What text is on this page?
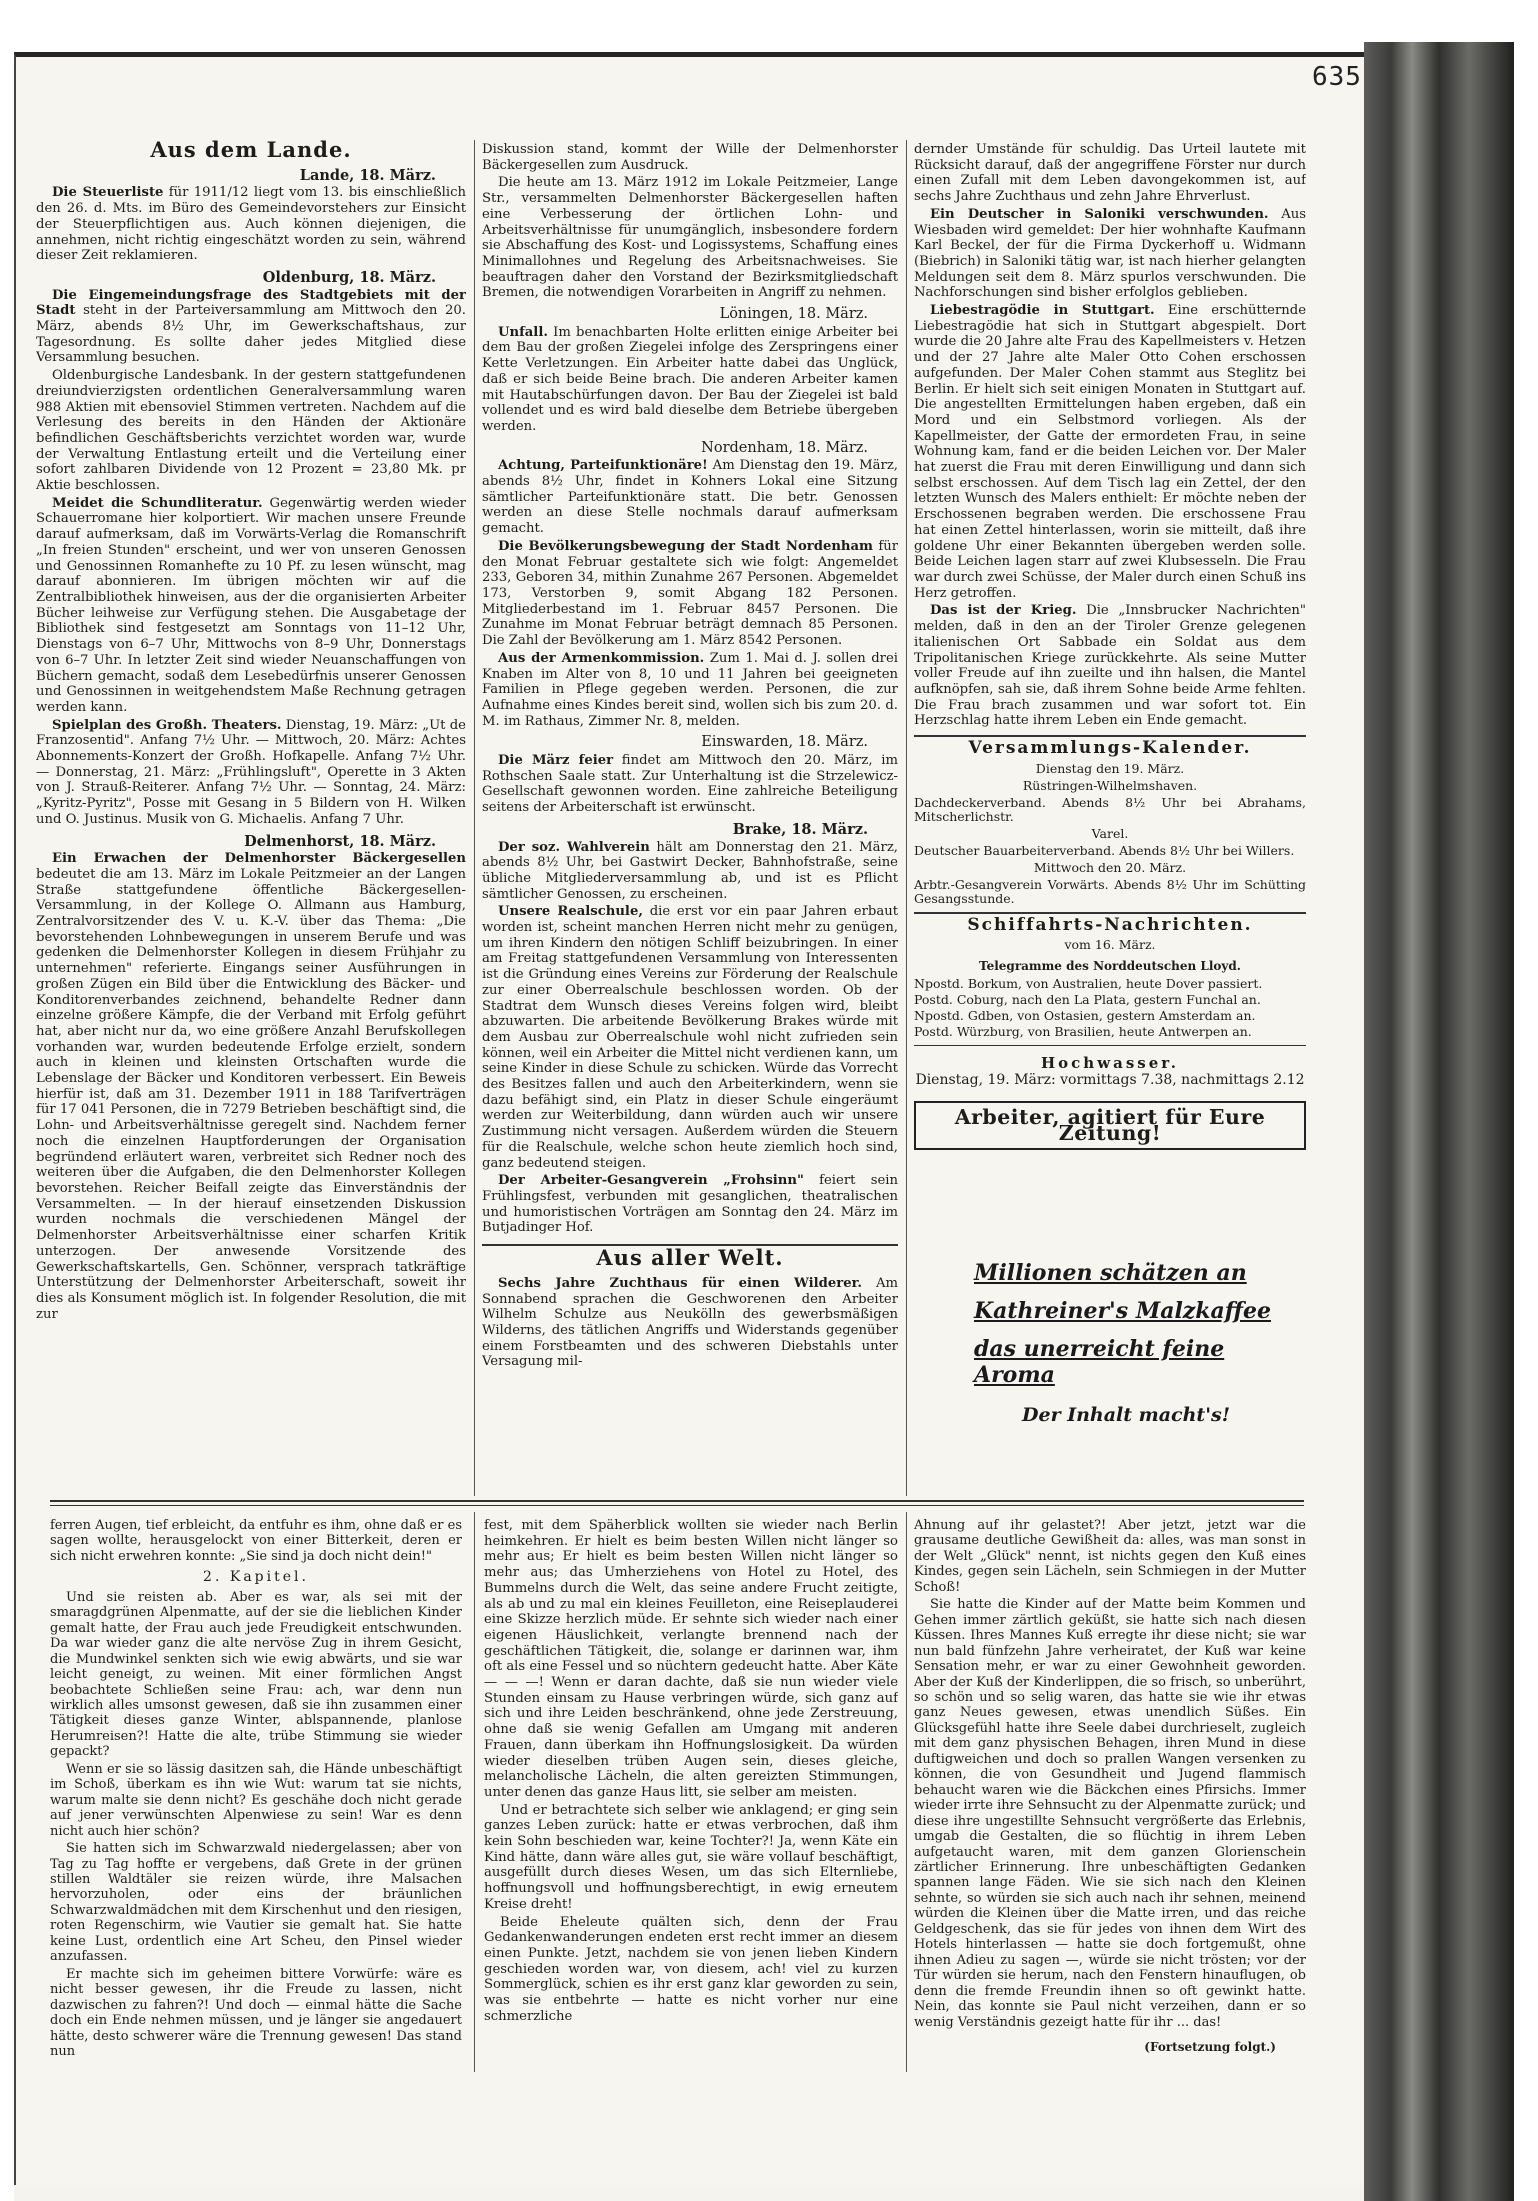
635
Aus dem Lande.
Lande, 18. März.

Die Steuerliste für 1911/12 liegt vom 13. bis einschließlich den 26. d. Mts. im Büro des Gemeindevorstehers zur Einsicht der Steuerpflichtigen aus. Auch können diejenigen, die annehmen, nicht richtig eingeschätzt worden zu sein, während dieser Zeit reklamieren.

Oldenburg, 18. März.

Die Eingemeindungsfrage des Stadtgebiets mit der Stadt steht in der Parteiversammlung am Mittwoch den 20. März, abends 8½ Uhr, im Gewerkschaftshaus, zur Tagesordnung. Es sollte daher jedes Mitglied diese Versammlung besuchen.

Oldenburgische Landesbank. In der gestern stattgefundenen dreiundvierzigsten ordentlichen Generalversammlung waren 988 Aktien mit ebensoviel Stimmen vertreten. Nachdem auf die Verlesung des bereits in den Händen der Aktionäre befindlichen Geschäftsberichts verzichtet worden war, wurde der Verwaltung Entlastung erteilt und die Verteilung einer sofort zahlbaren Dividende von 12 Prozent = 23,80 Mk. pr Aktie beschlossen.

Meidet die Schundliteratur. Gegenwärtig werden wieder Schauerromane hier kolportiert. Wir machen unsere Freunde darauf aufmerksam, daß im Vorwärts-Verlag die Romanschrift „In freien Stunden" erscheint, und wer von unseren Genossen und Genossinnen Romanhefte zu 10 Pf. zu lesen wünscht, mag darauf abonnieren. Im übrigen möchten wir auf die Zentralbibliothek hinweisen, aus der die organisierten Arbeiter Bücher leihweise zur Verfügung stehen. Die Ausgabetage der Bibliothek sind festgesetzt am Sonntags von 11–12 Uhr, Dienstags von 6–7 Uhr, Mittwochs von 8–9 Uhr, Donnerstags von 6–7 Uhr. In letzter Zeit sind wieder Neuanschaffungen von Büchern gemacht, sodaß dem Lesebedürfnis unserer Genossen und Genossinnen in weitgehendstem Maße Rechnung getragen werden kann.

Spielplan des Großh. Theaters. Dienstag, 19. März: „Ut de Franzosentid". Anfang 7½ Uhr. — Mittwoch, 20. März: Achtes Abonnements-Konzert der Großh. Hofkapelle. Anfang 7½ Uhr. — Donnerstag, 21. März: „Frühlingsluft", Operette in 3 Akten von J. Strauß-Reiterer. Anfang 7½ Uhr. — Sonntag, 24. März: „Kyritz-Pyritz", Posse mit Gesang in 5 Bildern von H. Wilken und O. Justinus. Musik von G. Michaelis. Anfang 7 Uhr.

Delmenhorst, 18. März.

Ein Erwachen der Delmenhorster Bäckergesellen bedeutet die am 13. März im Lokale Peitzmeier an der Langen Straße stattgefundene öffentliche Bäckergesellen-Versammlung, in der Kollege O. Allmann aus Hamburg, Zentralvorsitzender des V. u. K.-V. über das Thema: „Die bevorstehenden Lohnbewegungen in unserem Berufe und was gedenken die Delmenhorster Kollegen in diesem Frühjahr zu unternehmen" referierte. Eingangs seiner Ausführungen in großen Zügen ein Bild über die Entwicklung des Bäcker- und Konditorenverbandes zeichnend, behandelte Redner dann einzelne größere Kämpfe, die der Verband mit Erfolg geführt hat, aber nicht nur da, wo eine größere Anzahl Berufskollegen vorhanden war, wurden bedeutende Erfolge erzielt, sondern auch in kleinen und kleinsten Ortschaften wurde die Lebenslage der Bäcker und Konditoren verbessert. Ein Beweis hierfür ist, daß am 31. Dezember 1911 in 188 Tarifverträgen für 17 041 Personen, die in 7279 Betrieben beschäftigt sind, die Lohn- und Arbeitsverhältnisse geregelt sind. Nachdem ferner noch die einzelnen Hauptforderungen der Organisation begründend erläutert waren, verbreitet sich Redner noch des weiteren über die Aufgaben, die den Delmenhorster Kollegen bevorstehen. Reicher Beifall zeigte das Einverständnis der Versammelten. — In der hierauf einsetzenden Diskussion wurden nochmals die verschiedenen Mängel der Delmenhorster Arbeitsverhältnisse einer scharfen Kritik unterzogen. Der anwesende Vorsitzende des Gewerkschaftskartells, Gen. Schönner, versprach tatkräftige Unterstützung der Delmenhorster Arbeiterschaft, soweit ihr dies als Konsument möglich ist. In folgender Resolution, die mit zur

Diskussion stand, kommt der Wille der Delmenhorster Bäckergesellen zum Ausdruck.

Die heute am 13. März 1912 im Lokale Peitzmeier, Lange Str., versammelten Delmenhorster Bäckergesellen haften eine Verbesserung der örtlichen Lohn- und Arbeitsverhältnisse für unumgänglich, insbesondere fordern sie Abschaffung des Kost- und Logissystems, Schaffung eines Minimallohnes und Regelung des Arbeitsnachweises. Sie beauftragen daher den Vorstand der Bezirksmitgliedschaft Bremen, die notwendigen Vorarbeiten in Angriff zu nehmen.

Löningen, 18. März.

Unfall. Im benachbarten Holte erlitten einige Arbeiter bei dem Bau der großen Ziegelei infolge des Zerspringens einer Kette Verletzungen. Ein Arbeiter hatte dabei das Unglück, daß er sich beide Beine brach. Die anderen Arbeiter kamen mit Hautabschürfungen davon. Der Bau der Ziegelei ist bald vollendet und es wird bald dieselbe dem Betriebe übergeben werden.

Nordenham, 18. März.

Achtung, Parteifunktionäre! Am Dienstag den 19. März, abends 8½ Uhr, findet in Kohners Lokal eine Sitzung sämtlicher Parteifunktionäre statt. Die betr. Genossen werden an diese Stelle nochmals darauf aufmerksam gemacht.

Die Bevölkerungsbewegung der Stadt Nordenham für den Monat Februar gestaltete sich wie folgt: Angemeldet 233, Geboren 34, mithin Zunahme 267 Personen. Abgemeldet 173, Verstorben 9, somit Abgang 182 Personen. Mitgliederbestand im 1. Februar 8457 Personen. Die Zunahme im Monat Februar beträgt demnach 85 Personen. Die Zahl der Bevölkerung am 1. März 8542 Personen.

Aus der Armenkommission. Zum 1. Mai d. J. sollen drei Knaben im Alter von 8, 10 und 11 Jahren bei geeigneten Familien in Pflege gegeben werden. Personen, die zur Aufnahme eines Kindes bereit sind, wollen sich bis zum 20. d. M. im Rathaus, Zimmer Nr. 8, melden.

Einswarden, 18. März.

Die März feier findet am Mittwoch den 20. März, im Rothschen Saale statt. Zur Unterhaltung ist die Strzelewicz-Gesellschaft gewonnen worden. Eine zahlreiche Beteiligung seitens der Arbeiterschaft ist erwünscht.

Brake, 18. März.

Der soz. Wahlverein hält am Donnerstag den 21. März, abends 8½ Uhr, bei Gastwirt Decker, Bahnhofstraße, seine übliche Mitgliederversammlung ab, und ist es Pflicht sämtlicher Genossen, zu erscheinen.

Unsere Realschule, die erst vor ein paar Jahren erbaut worden ist, scheint manchen Herren nicht mehr zu genügen, um ihren Kindern den nötigen Schliff beizubringen. In einer am Freitag stattgefundenen Versammlung von Interessenten ist die Gründung eines Vereins zur Förderung der Realschule zur einer Oberrealschule beschlossen worden. Ob der Stadtrat dem Wunsch dieses Vereins folgen wird, bleibt abzuwarten. Die arbeitende Bevölkerung Brakes würde mit dem Ausbau zur Oberrealschule wohl nicht zufrieden sein können, weil ein Arbeiter die Mittel nicht verdienen kann, um seine Kinder in diese Schule zu schicken. Würde das Vorrecht des Besitzes fallen und auch den Arbeiterkindern, wenn sie dazu befähigt sind, ein Platz in dieser Schule eingeräumt werden zur Weiterbildung, dann würden auch wir unsere Zustimmung nicht versagen. Außerdem würden die Steuern für die Realschule, welche schon heute ziemlich hoch sind, ganz bedeutend steigen.

Der Arbeiter-Gesangverein „Frohsinn" feiert sein Frühlingsfest, verbunden mit gesanglichen, theatralischen und humoristischen Vorträgen am Sonntag den 24. März im Butjadinger Hof.

Aus aller Welt.

Sechs Jahre Zuchthaus für einen Wilderer. Am Sonnabend sprachen die Geschworenen den Arbeiter Wilhelm Schulze aus Neukölln des gewerbsmäßigen Wilderns, des tätlichen Angriffs und Widerstands gegenüber einem Forstbeamten und des schweren Diebstahls unter Versagung mil-

dernder Umstände für schuldig. Das Urteil lautete mit Rücksicht darauf, daß der angegriffene Förster nur durch einen Zufall mit dem Leben davongekommen ist, auf sechs Jahre Zuchthaus und zehn Jahre Ehrverlust.

Ein Deutscher in Saloniki verschwunden. Aus Wiesbaden wird gemeldet: Der hier wohnhafte Kaufmann Karl Beckel, der für die Firma Dyckerhoff u. Widmann (Biebrich) in Saloniki tätig war, ist nach hierher gelangten Meldungen seit dem 8. März spurlos verschwunden. Die Nachforschungen sind bisher erfolglos geblieben.

Liebestragödie in Stuttgart. Eine erschütternde Liebestragödie hat sich in Stuttgart abgespielt. Dort wurde die 20 Jahre alte Frau des Kapellmeisters v. Hetzen und der 27 Jahre alte Maler Otto Cohen erschossen aufgefunden. Der Maler Cohen stammt aus Steglitz bei Berlin. Er hielt sich seit einigen Monaten in Stuttgart auf. Die angestellten Ermittelungen haben ergeben, daß ein Mord und ein Selbstmord vorliegen. Als der Kapellmeister, der Gatte der ermordeten Frau, in seine Wohnung kam, fand er die beiden Leichen vor. Der Maler hat zuerst die Frau mit deren Einwilligung und dann sich selbst erschossen. Auf dem Tisch lag ein Zettel, der den letzten Wunsch des Malers enthielt: Er möchte neben der Erschossenen begraben werden. Die erschossene Frau hat einen Zettel hinterlassen, worin sie mitteilt, daß ihre goldene Uhr einer Bekannten übergeben werden solle. Beide Leichen lagen starr auf zwei Klubsesseln. Die Frau war durch zwei Schüsse, der Maler durch einen Schuß ins Herz getroffen.

Das ist der Krieg. Die „Innsbrucker Nachrichten" melden, daß in den an der Tiroler Grenze gelegenen italienischen Ort Sabbade ein Soldat aus dem Tripolitanischen Kriege zurückkehrte. Als seine Mutter voller Freude auf ihn zueilte und ihn halsen, die Mantel aufknöpfen, sah sie, daß ihrem Sohne beide Arme fehlten. Die Frau brach zusammen und war sofort tot. Ein Herzschlag hatte ihrem Leben ein Ende gemacht.

Versammlungs-Kalender.
Dienstag den 19. März.
Rüstringen-Wilhelmshaven.
Dachdeckerverband. Abends 8½ Uhr bei Abrahams, Mitscherlichstr.
Varel.
Deutscher Bauarbeiterverband. Abends 8½ Uhr bei Willers.
Mittwoch den 20. März.
Arbtr.-Gesangverein Vorwärts. Abends 8½ Uhr im Schütting Gesangsstunde.
Schiffahrts-Nachrichten.
vom 16. März.
Telegramme des Norddeutschen Lloyd.
Npostd. Borkum, von Australien, heute Dover passiert.
Postd. Coburg, nach den La Plata, gestern Funchal an.
Npostd. Gdben, von Ostasien, gestern Amsterdam an.
Postd. Würzburg, von Brasilien, heute Antwerpen an.
Hochwasser.
Dienstag, 19. März: vormittags 7.38, nachmittags 2.12
Arbeiter, agitiert für Eure Zeitung!
Millionen schätzen an
Kathreiner's Malzkaffee
das unerreicht feine Aroma
Der Inhalt macht's!

ferren Augen, tief erbleicht, da entfuhr es ihm, ohne daß er es sagen wollte, herausgelockt von einer Bitterkeit, deren er sich nicht erwehren konnte: „Sie sind ja doch nicht dein!"

2. Kapitel.

Und sie reisten ab. Aber es war, als sei mit der smaragdgrünen Alpenmatte, auf der sie die lieblichen Kinder gemalt hatte, der Frau auch jede Freudigkeit entschwunden. Da war wieder ganz die alte nervöse Zug in ihrem Gesicht, die Mundwinkel senkten sich wie ewig abwärts, und sie war leicht geneigt, zu weinen. Mit einer förmlichen Angst beobachtete Schließen seine Frau: ach, war denn nun wirklich alles umsonst gewesen, daß sie ihn zusammen einer Tätigkeit dieses ganze Winter, ablspannende, planlose Herumreisen?! Hatte die alte, trübe Stimmung sie wieder gepackt?

Wenn er sie so lässig dasitzen sah, die Hände unbeschäftigt im Schoß, überkam es ihn wie Wut: warum tat sie nichts, warum malte sie denn nicht? Es geschähe doch nicht gerade auf jener verwünschten Alpenwiese zu sein! War es denn nicht auch hier schön?

Sie hatten sich im Schwarzwald niedergelassen; aber von Tag zu Tag hoffte er vergebens, daß Grete in der grünen stillen Waldtäler sie reizen würde, ihre Malsachen hervorzuholen, oder eins der bräunlichen Schwarzwaldmädchen mit dem Kirschenhut und den riesigen, roten Regenschirm, wie Vautier sie gemalt hat. Sie hatte keine Lust, ordentlich eine Art Scheu, den Pinsel wieder anzufassen.

Er machte sich im geheimen bittere Vorwürfe: wäre es nicht besser gewesen, ihr die Freude zu lassen, nicht dazwischen zu fahren?! Und doch — einmal hätte die Sache doch ein Ende nehmen müssen, und je länger sie angedauert hätte, desto schwerer wäre die Trennung gewesen! Das stand nun

fest, mit dem Späherblick wollten sie wieder nach Berlin heimkehren. Er hielt es beim besten Willen nicht länger so mehr aus; Er hielt es beim besten Willen nicht länger so mehr aus; das Umherziehens von Hotel zu Hotel, des Bummelns durch die Welt, das seine andere Frucht zeitigte, als ab und zu mal ein kleines Feuilleton, eine Reiseplauderei eine Skizze herzlich müde. Er sehnte sich wieder nach einer eigenen Häuslichkeit, verlangte brennend nach der geschäftlichen Tätigkeit, die, solange er darinnen war, ihm oft als eine Fessel und so nüchtern gedeucht hatte. Aber Käte — — —! Wenn er daran dachte, daß sie nun wieder viele Stunden einsam zu Hause verbringen würde, sich ganz auf sich und ihre Leiden beschränkend, ohne jede Zerstreuung, ohne daß sie wenig Gefallen am Umgang mit anderen Frauen, dann überkam ihn Hoffnungslosigkeit. Da würden wieder dieselben trüben Augen sein, dieses gleiche, melancholische Lächeln, die alten gereizten Stimmungen, unter denen das ganze Haus litt, sie selber am meisten.

Und er betrachtete sich selber wie anklagend; er ging sein ganzes Leben zurück: hatte er etwas verbrochen, daß ihm kein Sohn beschieden war, keine Tochter?! Ja, wenn Käte ein Kind hätte, dann wäre alles gut, sie wäre vollauf beschäftigt, ausgefüllt durch dieses Wesen, um das sich Elternliebe, hoffnungsvoll und hoffnungsberechtigt, in ewig erneutem Kreise dreht!

Beide Eheleute quälten sich, denn der Frau Gedankenwanderungen endeten erst recht immer an diesem einen Punkte. Jetzt, nachdem sie von jenen lieben Kindern geschieden worden war, von diesem, ach! viel zu kurzen Sommerglück, schien es ihr erst ganz klar geworden zu sein, was sie entbehrte — hatte es nicht vorher nur eine schmerzliche

Ahnung auf ihr gelastet?! Aber jetzt, jetzt war die grausame deutliche Gewißheit da: alles, was man sonst in der Welt „Glück" nennt, ist nichts gegen den Kuß eines Kindes, gegen sein Lächeln, sein Schmiegen in der Mutter Schoß!

Sie hatte die Kinder auf der Matte beim Kommen und Gehen immer zärtlich geküßt, sie hatte sich nach diesen Küssen. Ihres Mannes Kuß erregte ihr diese nicht; sie war nun bald fünfzehn Jahre verheiratet, der Kuß war keine Sensation mehr, er war zu einer Gewohnheit geworden. Aber der Kuß der Kinderlippen, die so frisch, so unberührt, so schön und so selig waren, das hatte sie wie ihr etwas ganz Neues gewesen, etwas unendlich Süßes. Ein Glücksgefühl hatte ihre Seele dabei durchrieselt, zugleich mit dem ganz physischen Behagen, ihren Mund in diese duftigweichen und doch so prallen Wangen versenken zu können, die von Gesundheit und Jugend flammisch behaucht waren wie die Bäckchen eines Pfirsichs. Immer wieder irrte ihre Sehnsucht zu der Alpenmatte zurück; und diese ihre ungestillte Sehnsucht vergrößerte das Erlebnis, umgab die Gestalten, die so flüchtig in ihrem Leben aufgetaucht waren, mit dem ganzen Glorienschein zärtlicher Erinnerung. Ihre unbeschäftigten Gedanken spannen lange Fäden. Wie sie sich nach den Kleinen sehnte, so würden sie sich auch nach ihr sehnen, meinend würden die Kleinen über die Matte irren, und das reiche Geldgeschenk, das sie für jedes von ihnen dem Wirt des Hotels hinterlassen — hatte sie doch fortgemußt, ohne ihnen Adieu zu sagen —, würde sie nicht trösten; vor der Tür würden sie herum, nach den Fenstern hinauflugen, ob denn die fremde Freundin ihnen so oft gewinkt hatte. Nein, das konnte sie Paul nicht verzeihen, dann er so wenig Verständnis gezeigt hatte für ihr ... das!

(Fortsetzung folgt.)
